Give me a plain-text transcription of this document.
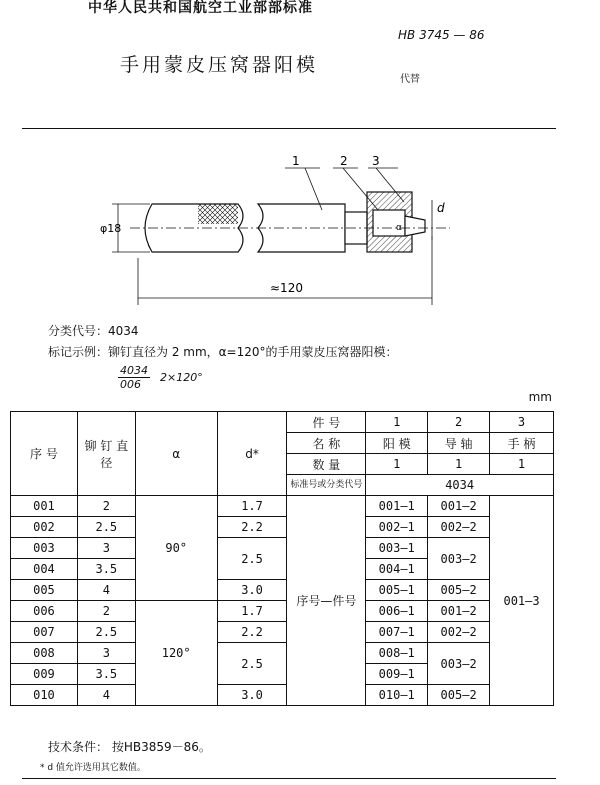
中华人民共和国航空工业部部标准
HB 3745 — 86
手用蒙皮压窝器阳模
代替
1	2 3
φ18
≈120
d
α
分类代号：4034
标记示例：铆钉直径为 2 mm，α=120°的手用蒙皮压窝器阳模：
4034
006
2×120°
mm
序 号	铆 钉 直 径	α	d*	件 号	1	2	3
				名 称	阳 模	导 轴	手 柄
				数 量	1	1	1
				标准号或分类代号	4034		

001	2	90°	1.7	序号—件号	001—1	001—2	001—3
002	2.5		2.2		002—1	002—2	
003	3		2.5		003—1	003—2	
004	3.5				004—1		
005	4		3.0		005—1	005—2	
006	2	120°	1.7		006—1	001—2	
007	2.5		2.2		007—1	002—2	
008	3		2.5		008—1	003—2	
009	3.5				009—1		
010	4		3.0		010—1	005—2	
技术条件： 按HB3859－86。
* d 值允许选用其它数值。
